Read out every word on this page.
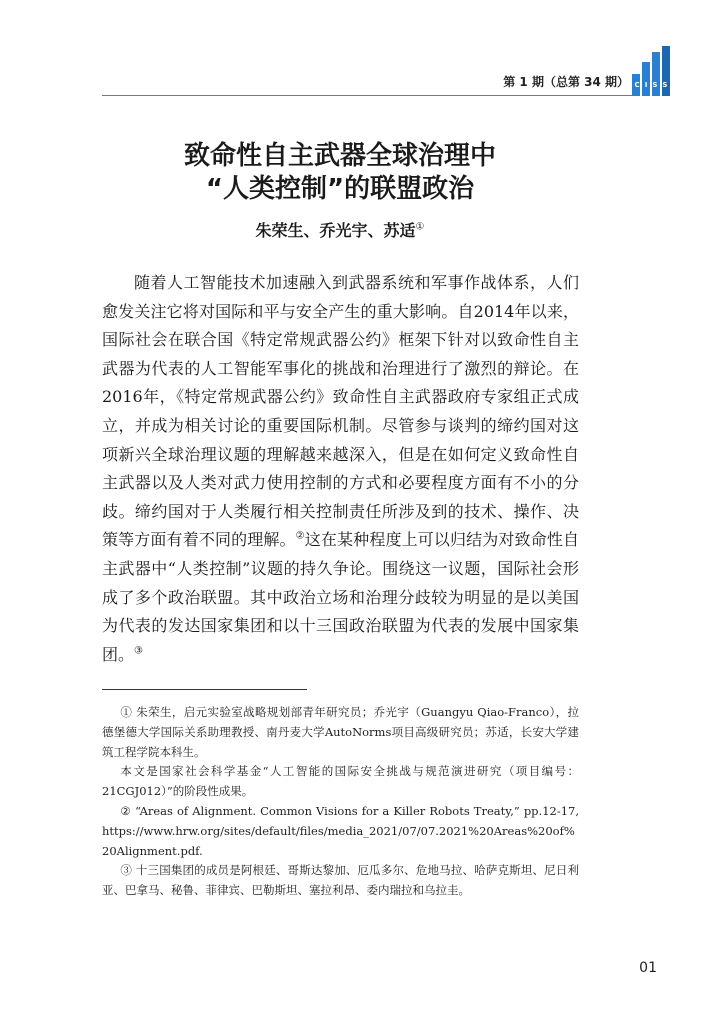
第 1 期（总第 34 期） C I S S
致命性自主武器全球治理中
“人类控制”的联盟政治
朱荣生、乔光宇、苏适①

随着人工智能技术加速融入到武器系统和军事作战体系，人们愈发关注它将对国际和平与安全产生的重大影响。自2014年以来，国际社会在联合国《特定常规武器公约》框架下针对以致命性自主武器为代表的人工智能军事化的挑战和治理进行了激烈的辩论。在2016年，《特定常规武器公约》致命性自主武器政府专家组正式成立，并成为相关讨论的重要国际机制。尽管参与谈判的缔约国对这项新兴全球治理议题的理解越来越深入，但是在如何定义致命性自主武器以及人类对武力使用控制的方式和必要程度方面有不小的分歧。缔约国对于人类履行相关控制责任所涉及到的技术、操作、决策等方面有着不同的理解。②这在某种程度上可以归结为对致命性自主武器中“人类控制”议题的持久争论。围绕这一议题，国际社会形成了多个政治联盟。其中政治立场和治理分歧较为明显的是以美国为代表的发达国家集团和以十三国政治联盟为代表的发展中国家集团。③

① 朱荣生，启元实验室战略规划部青年研究员；乔光宇（Guangyu Qiao-Franco），拉德堡德大学国际关系助理教授、南丹麦大学AutoNorms项目高级研究员；苏适，长安大学建筑工程学院本科生。

本文是国家社会科学基金“人工智能的国际安全挑战与规范演进研究（项目编号：21CGJ012）”的阶段性成果。

② “Areas of Alignment. Common Visions for a Killer Robots Treaty,” pp.12-17, https://www.hrw.org/sites/default/files/media_2021/07/07.2021%20Areas%20of%20Alignment.pdf.

③ 十三国集团的成员是阿根廷、哥斯达黎加、厄瓜多尔、危地马拉、哈萨克斯坦、尼日利亚、巴拿马、秘鲁、菲律宾、巴勒斯坦、塞拉利昂、委内瑞拉和乌拉圭。

01
